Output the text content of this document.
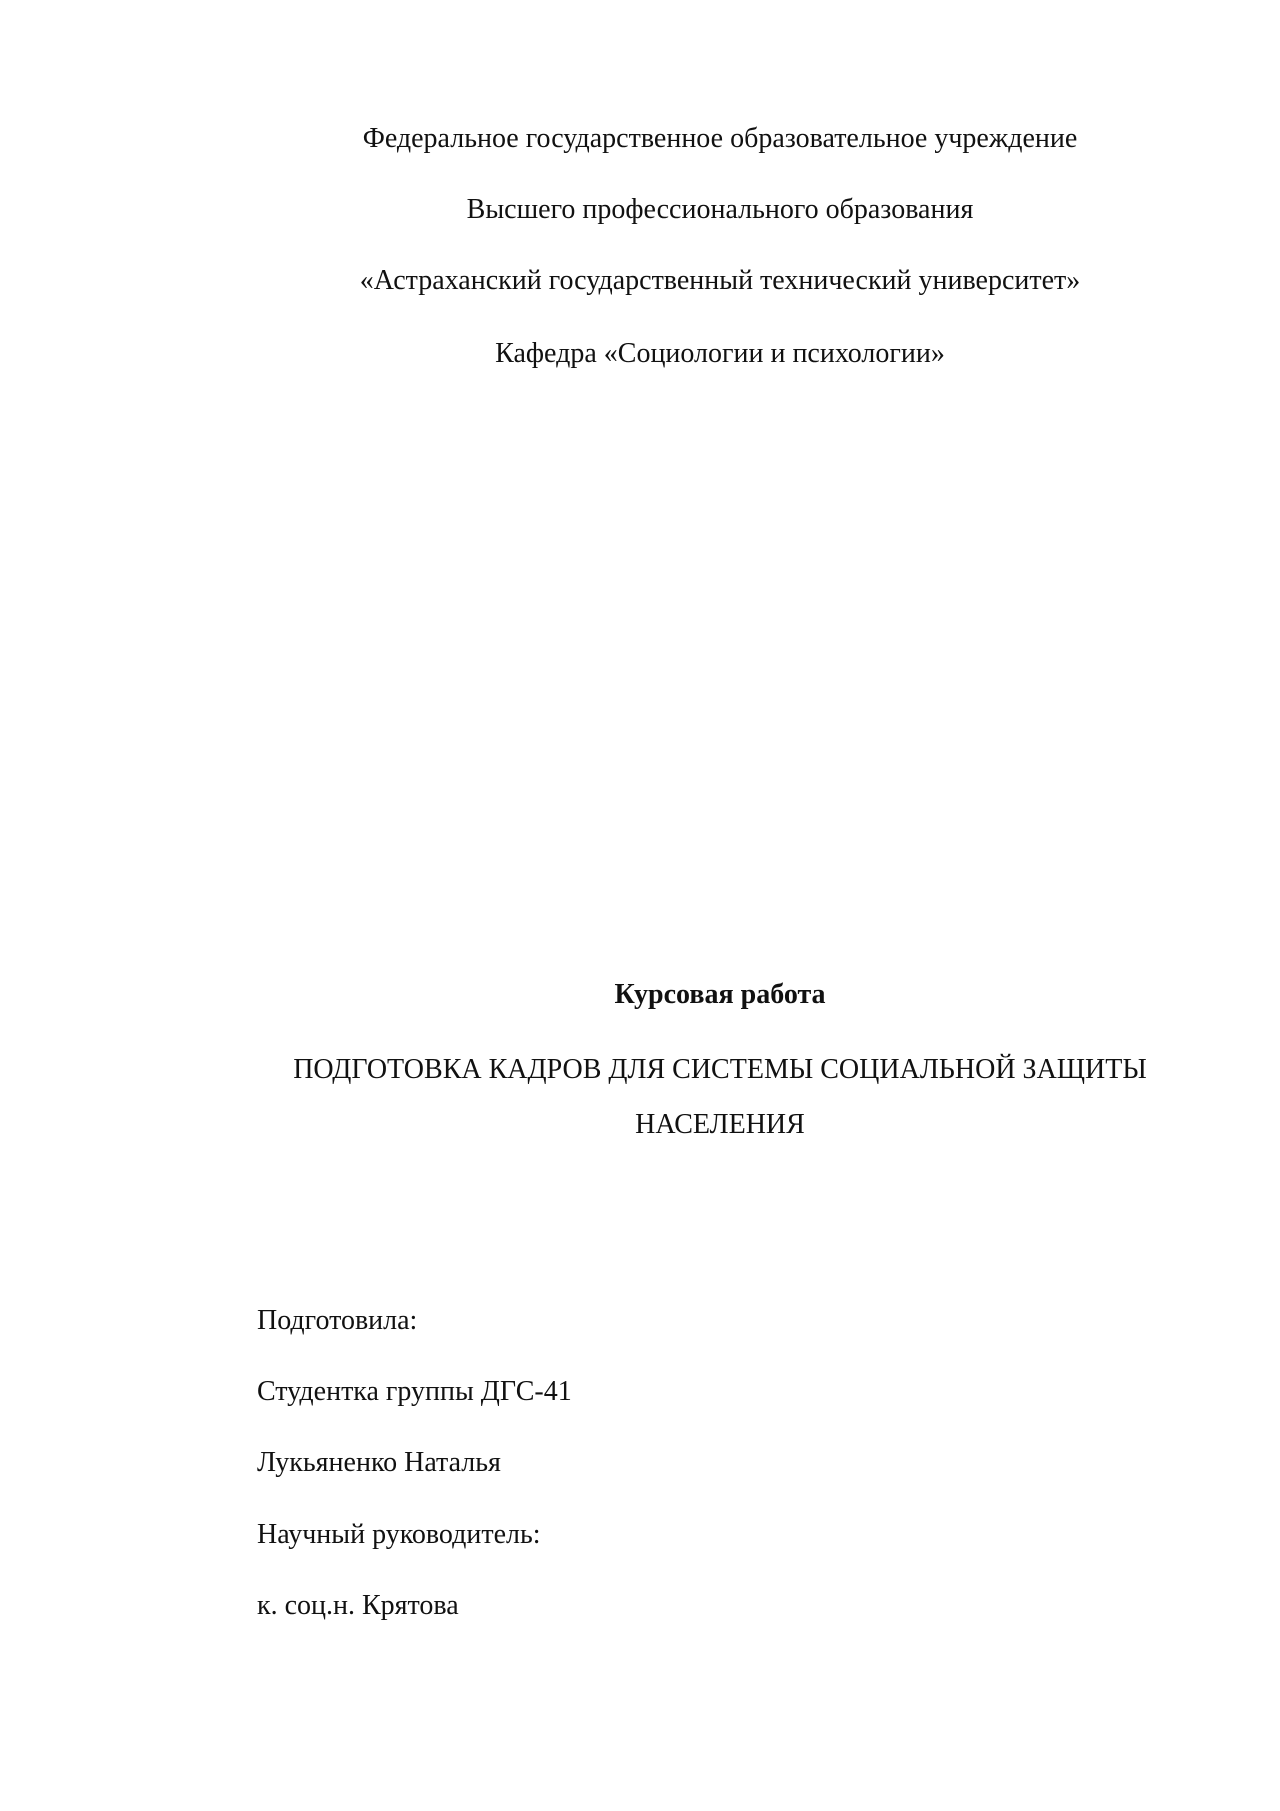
Федеральное государственное образовательное учреждение
Высшего профессионального образования
«Астраханский государственный технический университет»
Кафедра «Социологии и психологии»
Курсовая работа
ПОДГОТОВКА КАДРОВ ДЛЯ СИСТЕМЫ СОЦИАЛЬНОЙ ЗАЩИТЫ
НАСЕЛЕНИЯ
Подготовила:
Студентка группы ДГС-41
Лукьяненко Наталья
Научный руководитель:
к. соц.н. Крятова
